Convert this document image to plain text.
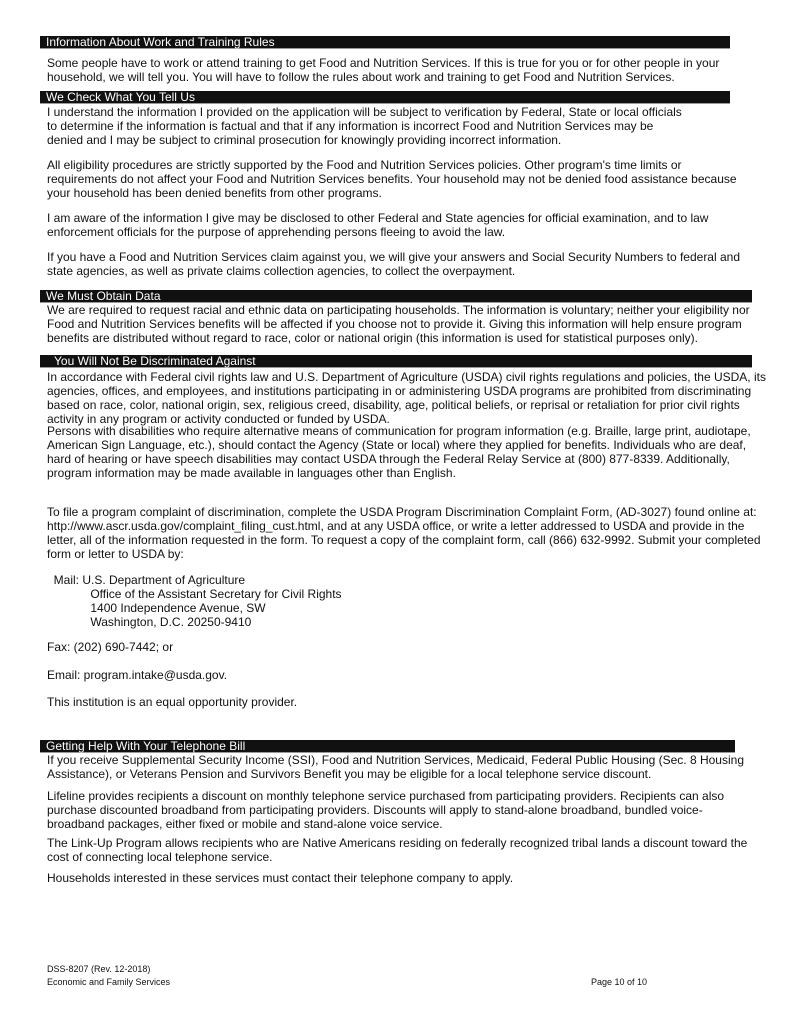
Information About Work and Training Rules
We Check What You Tell Us
We Must Obtain Data
You Will Not Be Discriminated Against
Getting Help With Your Telephone Bill
Some people have to work or attend training to get Food and Nutrition Services. If this is true for you or for other people in your
household, we will tell you. You will have to follow the rules about work and training to get Food and Nutrition Services.
I understand the information I provided on the application will be subject to verification by Federal, State or local officials
to determine if the information is factual and that if any information is incorrect Food and Nutrition Services may be
denied and I may be subject to criminal prosecution for knowingly providing incorrect information.
All eligibility procedures are strictly supported by the Food and Nutrition Services policies. Other program's time limits or
requirements do not affect your Food and Nutrition Services benefits. Your household may not be denied food assistance because
your household has been denied benefits from other programs.
I am aware of the information I give may be disclosed to other Federal and State agencies for official examination, and to law
enforcement officials for the purpose of apprehending persons fleeing to avoid the law.
If you have a Food and Nutrition Services claim against you, we will give your answers and Social Security Numbers to federal and
state agencies, as well as private claims collection agencies, to collect the overpayment.
We are required to request racial and ethnic data on participating households. The information is voluntary; neither your eligibility nor
Food and Nutrition Services benefits will be affected if you choose not to provide it. Giving this information will help ensure program
benefits are distributed without regard to race, color or national origin (this information is used for statistical purposes only).
In accordance with Federal civil rights law and U.S. Department of Agriculture (USDA) civil rights regulations and policies, the USDA, its
agencies, offices, and employees, and institutions participating in or administering USDA programs are prohibited from discriminating
based on race, color, national origin, sex, religious creed, disability, age, political beliefs, or reprisal or retaliation for prior civil rights
activity in any program or activity conducted or funded by USDA.
Persons with disabilities who require alternative means of communication for program information (e.g. Braille, large print, audiotape,
American Sign Language, etc.), should contact the Agency (State or local) where they applied for benefits. Individuals who are deaf,
hard of hearing or have speech disabilities may contact USDA through the Federal Relay Service at (800) 877-8339. Additionally,
program information may be made available in languages other than English.
To file a program complaint of discrimination, complete the USDA Program Discrimination Complaint Form, (AD-3027) found online at:
http://www.ascr.usda.gov/complaint_filing_cust.html, and at any USDA office, or write a letter addressed to USDA and provide in the
letter, all of the information requested in the form. To request a copy of the complaint form, call (866) 632-9992. Submit your completed
form or letter to USDA by:
Mail: U.S. Department of Agriculture
Office of the Assistant Secretary for Civil Rights
1400 Independence Avenue, SW
Washington, D.C. 20250-9410
Fax: (202) 690-7442; or
Email: program.intake@usda.gov.
This institution is an equal opportunity provider.
If you receive Supplemental Security Income (SSI), Food and Nutrition Services, Medicaid, Federal Public Housing (Sec. 8 Housing
Assistance), or Veterans Pension and Survivors Benefit you may be eligible for a local telephone service discount.
Lifeline provides recipients a discount on monthly telephone service purchased from participating providers. Recipients can also
purchase discounted broadband from participating providers. Discounts will apply to stand-alone broadband, bundled voice-
broadband packages, either fixed or mobile and stand-alone voice service.
The Link-Up Program allows recipients who are Native Americans residing on federally recognized tribal lands a discount toward the
cost of connecting local telephone service.
Households interested in these services must contact their telephone company to apply.
DSS-8207 (Rev. 12-2018)
Economic and Family Services	Page 10 of 10
